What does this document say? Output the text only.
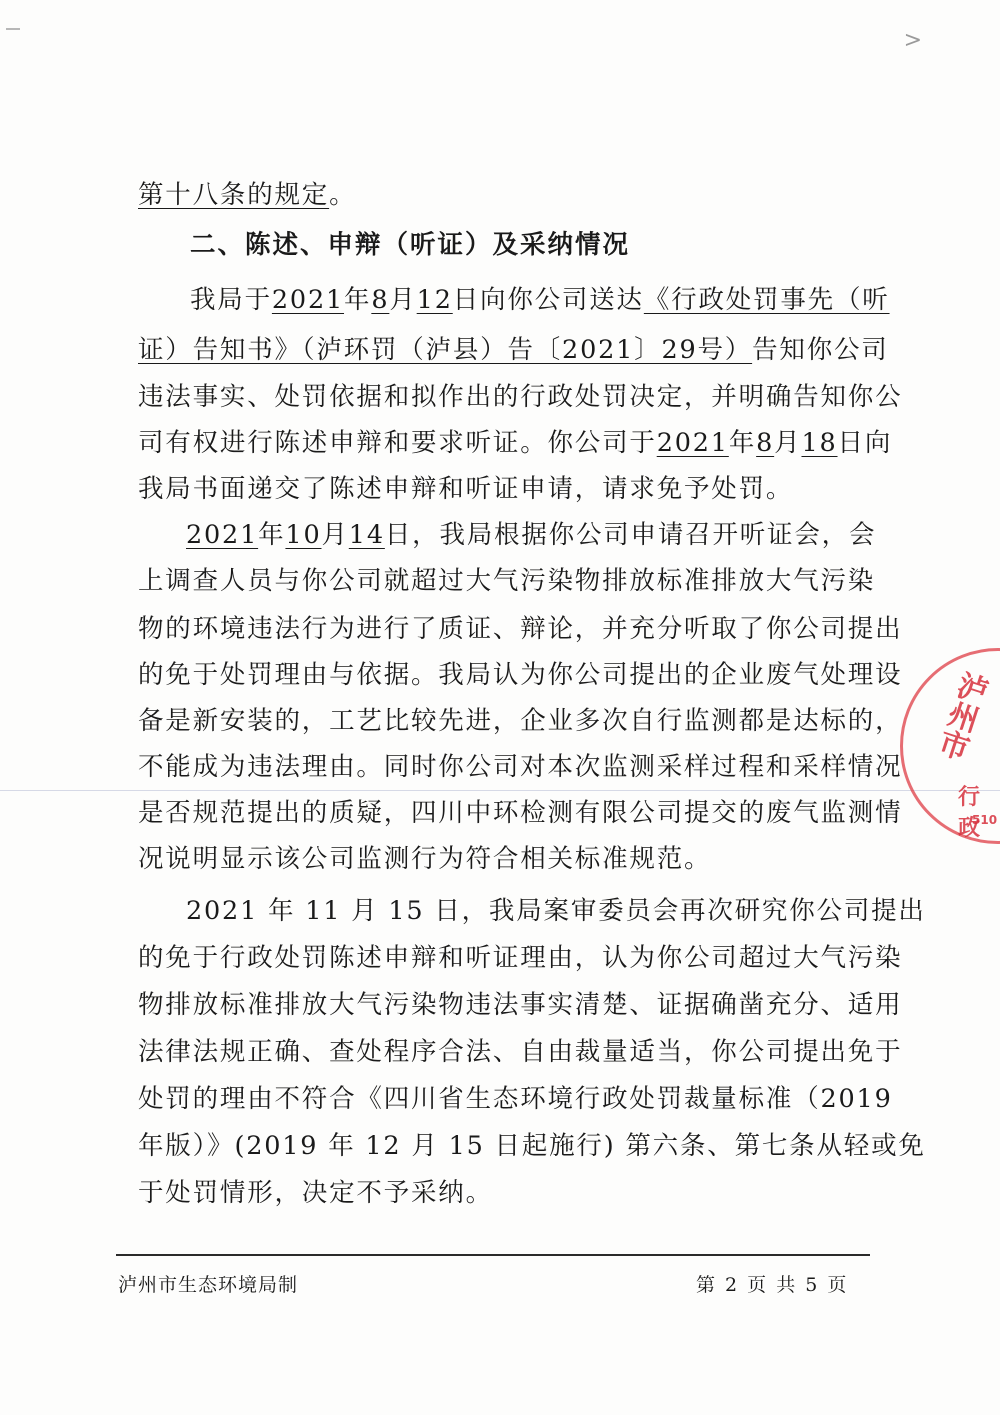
>
第十八条的规定。
二、陈述、申辩（听证）及采纳情况
我局于2021年8月12日向你公司送达《行政处罚事先（听
证）告知书》（泸环罚（泸县）告〔2021〕29号）告知你公司
违法事实、处罚依据和拟作出的行政处罚决定，并明确告知你公
司有权进行陈述申辩和要求听证。你公司于2021年8月18日向
我局书面递交了陈述申辩和听证申请，请求免予处罚。
2021年10月14日，我局根据你公司申请召开听证会，会
上调查人员与你公司就超过大气污染物排放标准排放大气污染
物的环境违法行为进行了质证、辩论，并充分听取了你公司提出
的免于处罚理由与依据。我局认为你公司提出的企业废气处理设
备是新安装的，工艺比较先进，企业多次自行监测都是达标的，
不能成为违法理由。同时你公司对本次监测采样过程和采样情况
是否规范提出的质疑，四川中环检测有限公司提交的废气监测情
况说明显示该公司监测行为符合相关标准规范。
2021 年 11 月 15 日，我局案审委员会再次研究你公司提出
的免于行政处罚陈述申辩和听证理由，认为你公司超过大气污染
物排放标准排放大气污染物违法事实清楚、证据确凿充分、适用
法律法规正确、查处程序合法、自由裁量适当，你公司提出免于
处罚的理由不符合《四川省生态环境行政处罚裁量标准（2019
年版）》(2019 年 12 月 15 日起施行) 第六条、第七条从轻或免
于处罚情形，决定不予采纳。
泸州市生态环境局制	第 2 页 共 5 页
泸州市
行政
510
